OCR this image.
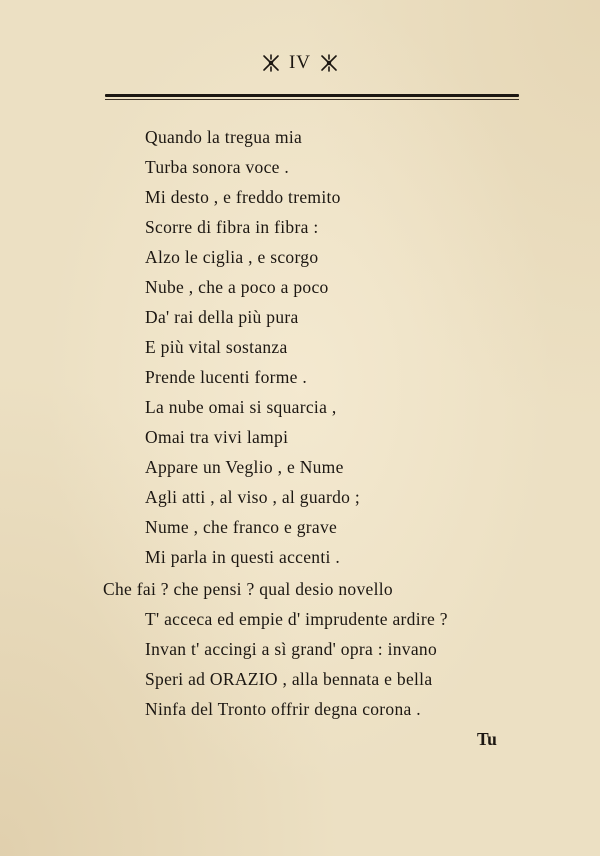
IV
Quando la tregua mia
Turba sonora voce .
Mi desto , e freddo tremito
Scorre di fibra in fibra :
Alzo le ciglia , e scorgo
Nube , che a poco a poco
Da' rai della più pura
E più vital sostanza
Prende lucenti forme .
La nube omai si squarcia ,
Omai tra vivi lampi
Appare un Veglio , e Nume
Agli atti , al viso , al guardo ;
Nume , che franco e grave
Mi parla in questi accenti .
Che fai ? che pensi ? qual desio novello
T' acceca ed empie d' imprudente ardire ?
Invan t' accingi a sì grand' opra : invano
Speri ad ORAZIO , alla bennata e bella
Ninfa del Tronto offrir degna corona .
Tu
